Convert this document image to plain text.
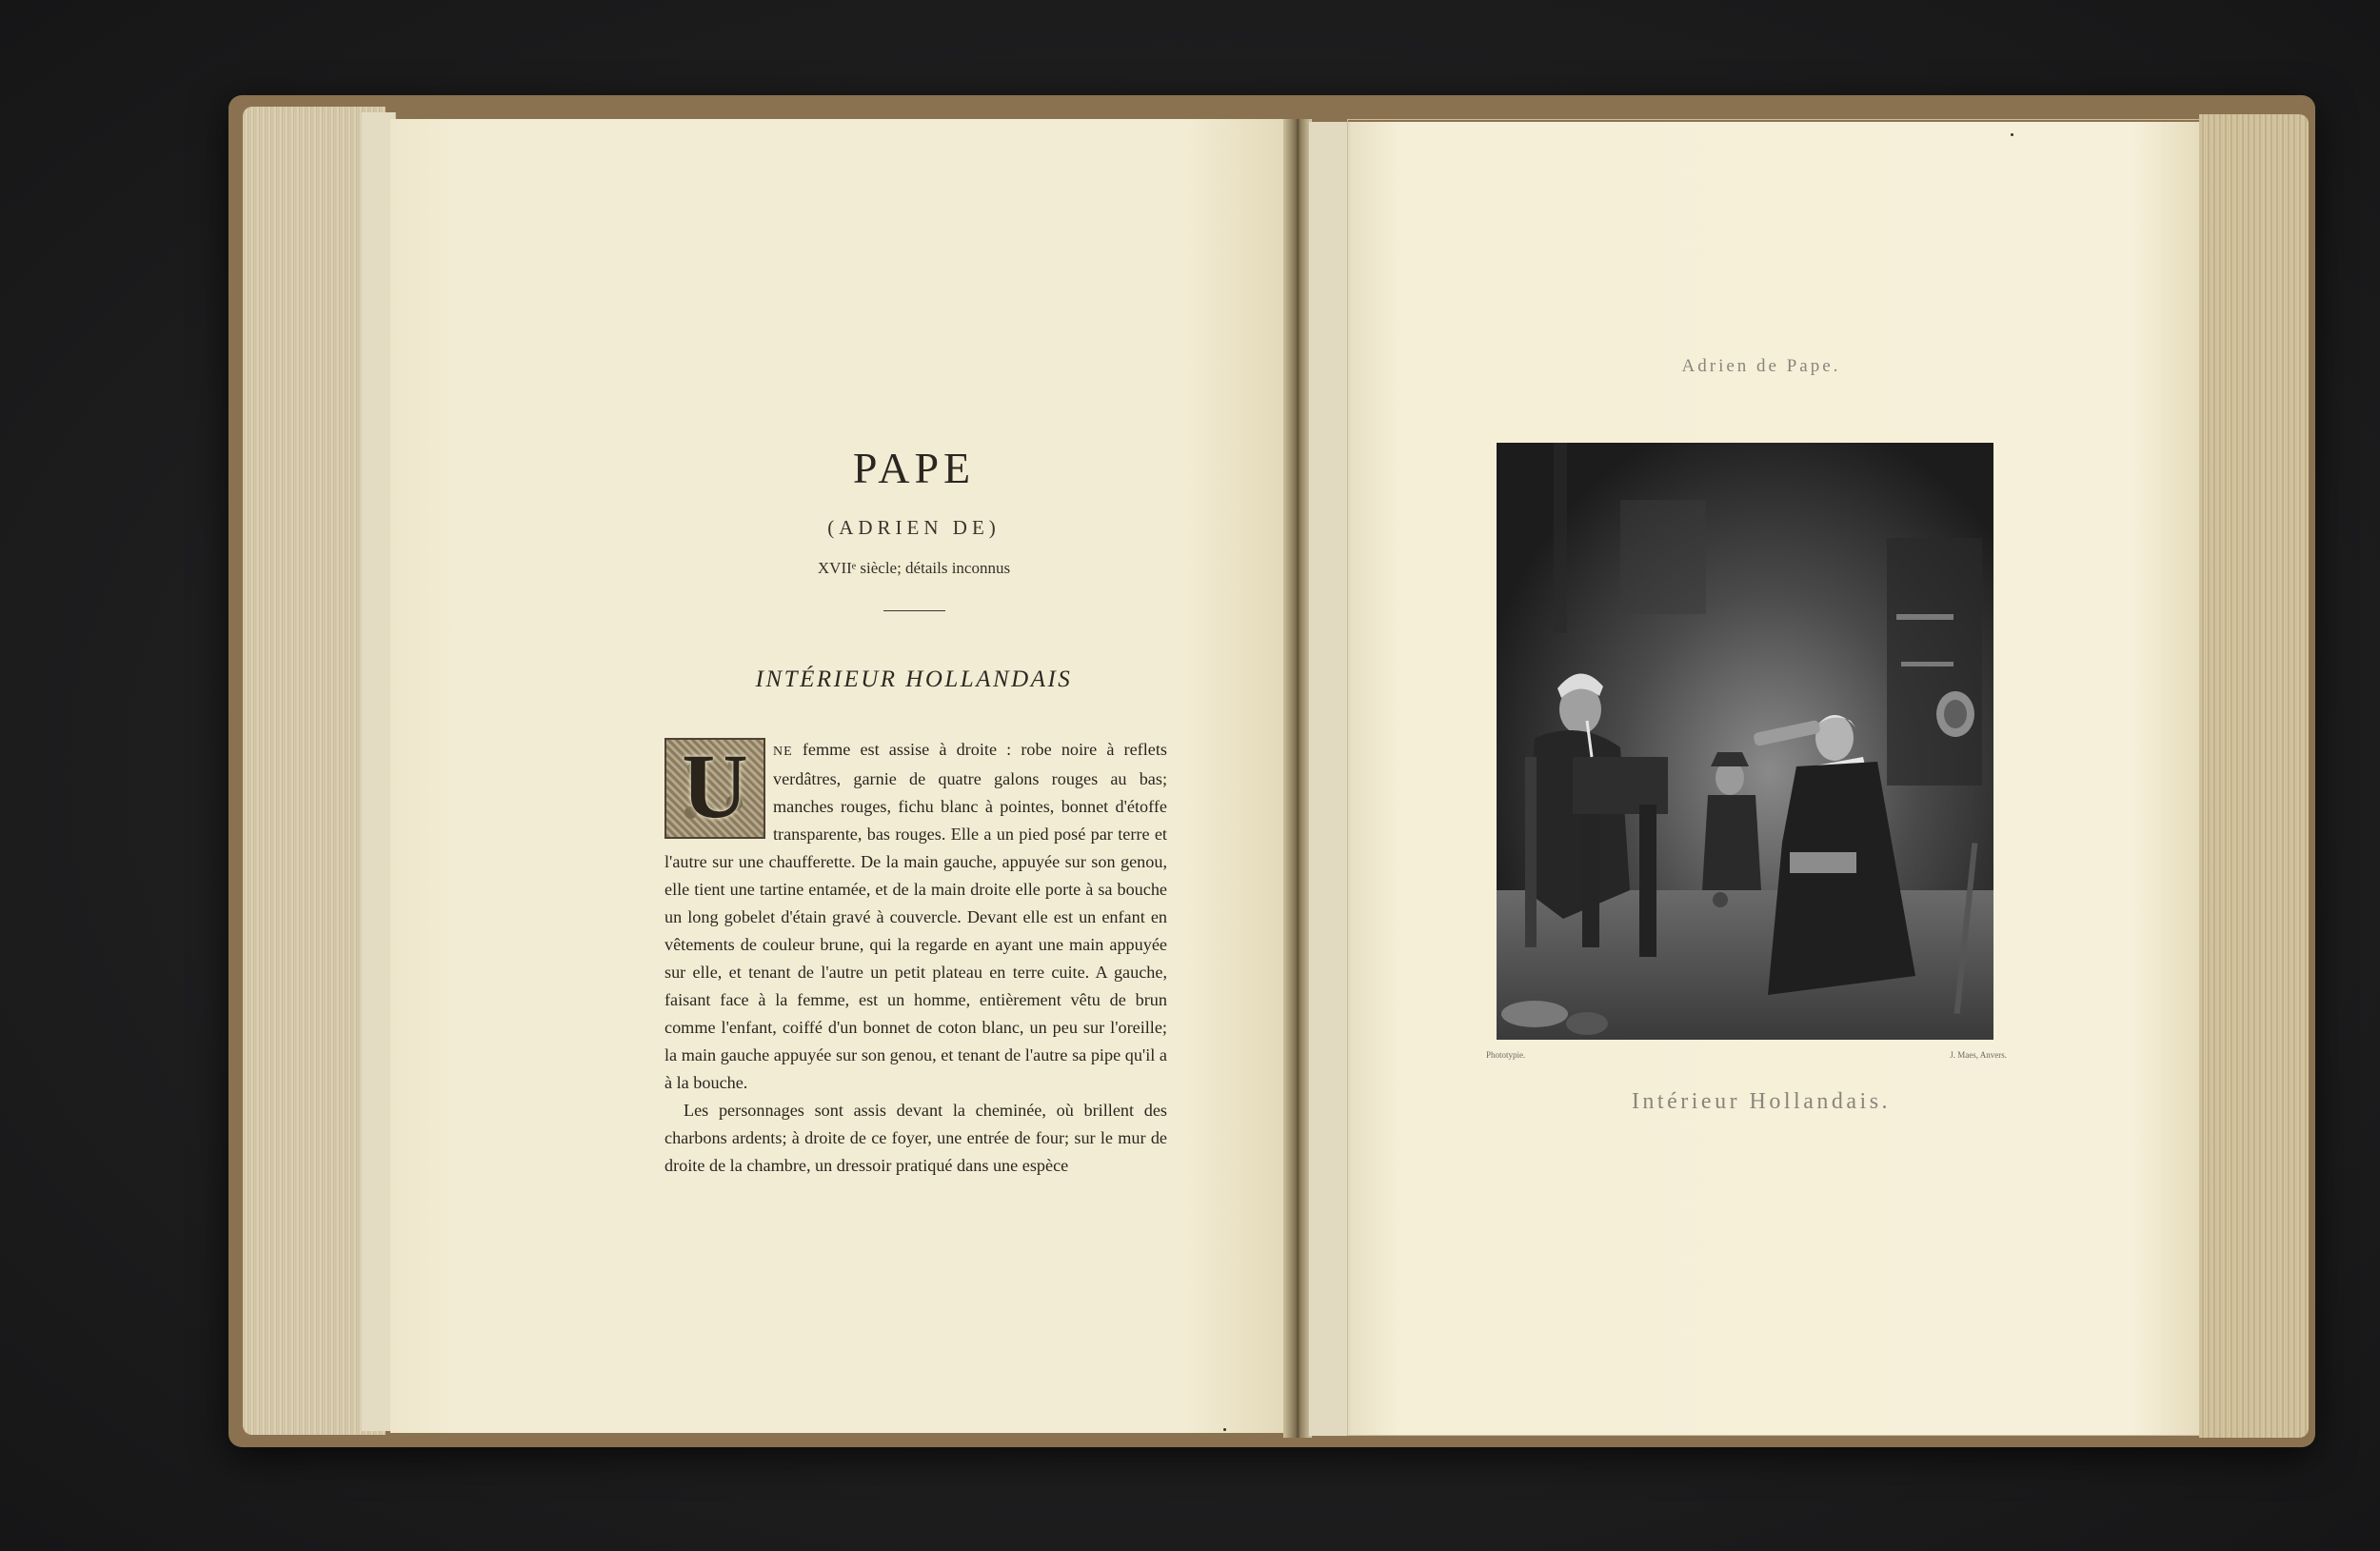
PAPE
(ADRIEN DE)
XVIIᵉ siècle; détails inconnus
INTÉRIEUR HOLLANDAIS

U	NE femme est assise à droite : robe noire à reflets verdâtres, garnie de quatre galons rouges au bas; manches rouges, fichu blanc à pointes, bonnet d'étoffe transparente, bas rouges. Elle a un pied posé par terre et l'autre sur une chaufferette. De la main gauche, appuyée sur son genou, elle tient une tartine entamée, et de la main droite elle porte à sa bouche un long gobelet d'étain gravé à couvercle. Devant elle est un enfant en vêtements de couleur brune, qui la regarde en ayant une main appuyée sur elle, et tenant de l'autre un petit plateau en terre cuite. A gauche, faisant face à la femme, est un homme, entièrement vêtu de brun comme l'enfant, coiffé d'un bonnet de coton blanc, un peu sur l'oreille; la main gauche appuyée sur son genou, et tenant de l'autre sa pipe qu'il a à la bouche.

Les personnages sont assis devant la cheminée, où brillent des charbons ardents; à droite de ce foyer, une entrée de four; sur le mur de droite de la chambre, un dressoir pratiqué dans une espèce

Adrien de Pape.
Phototypie.	J. Maes, Anvers.
Intérieur Hollandais.
